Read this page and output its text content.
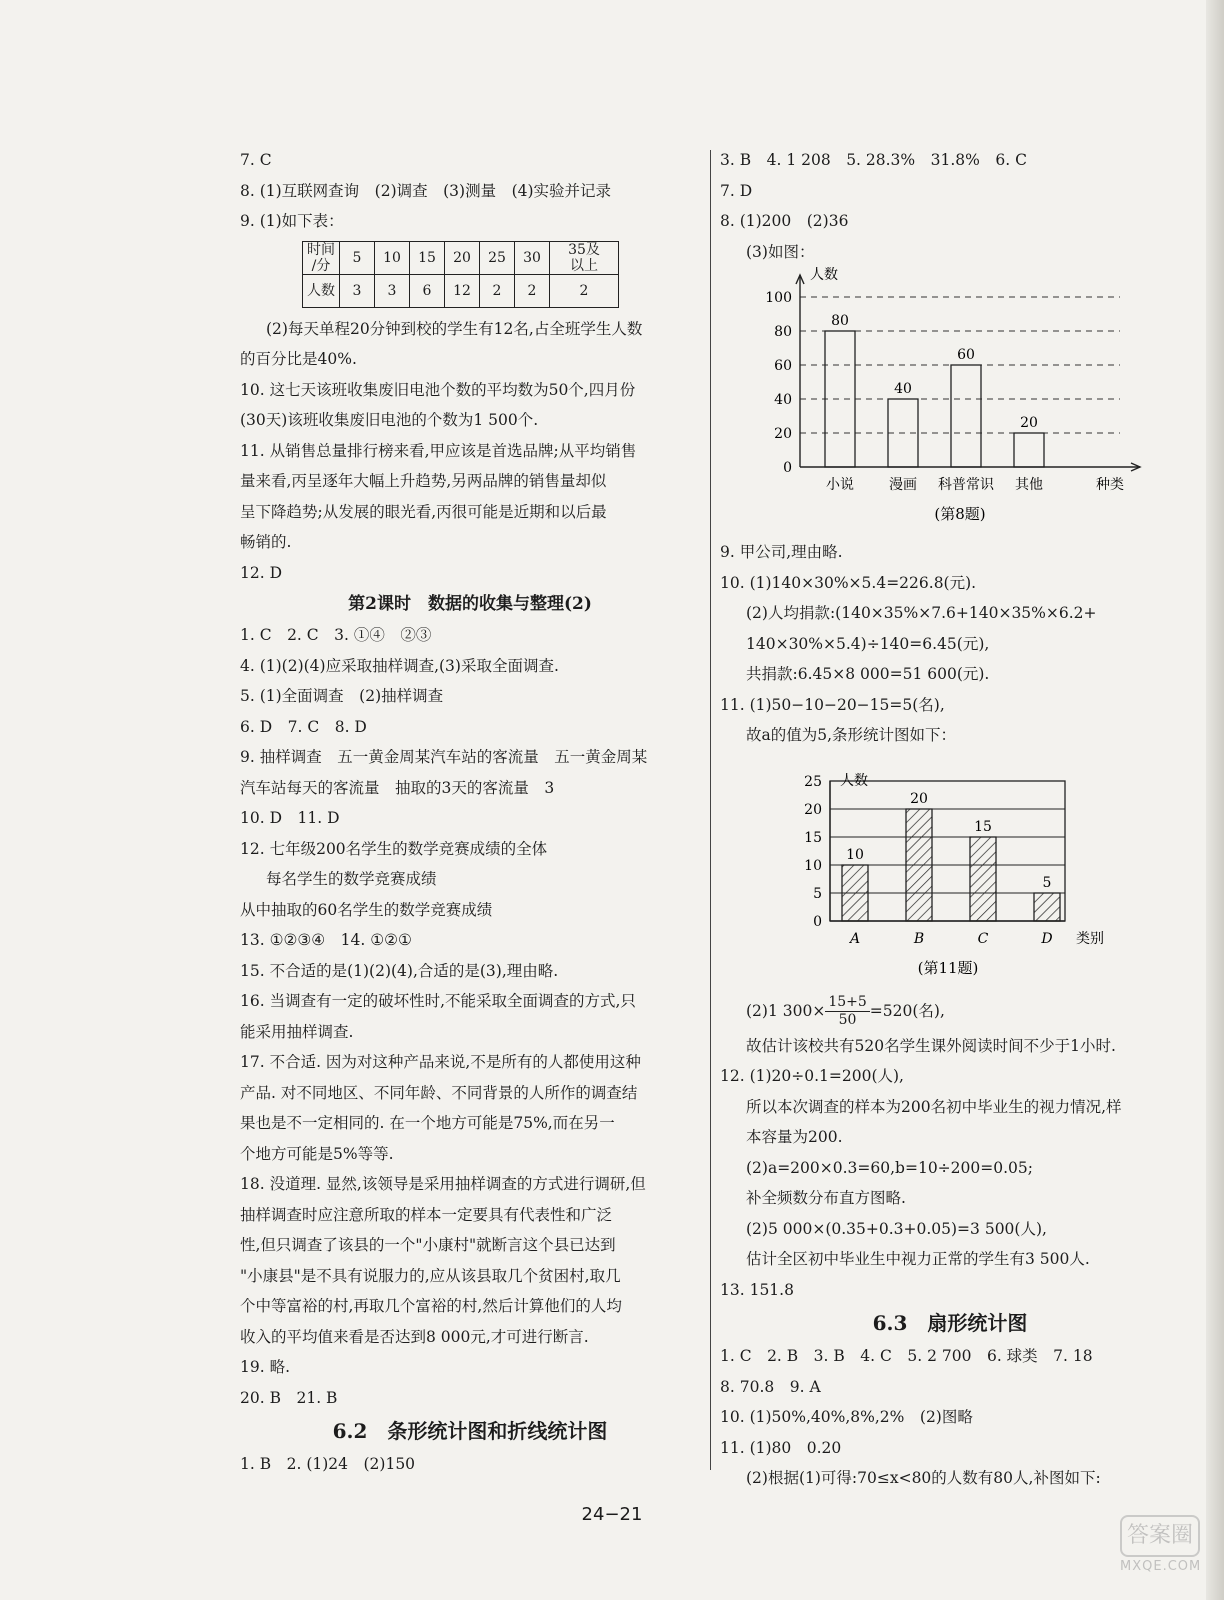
7. C
8. (1)互联网查询　(2)调查　(3)测量　(4)实验并记录
9. (1)如下表：
时间
/分	5	10	15	20	25	30	35及
以上
人数	3	3	6	12	2	2	2
(2)每天单程20分钟到校的学生有12名,占全班学生人数
的百分比是40%.
10. 这七天该班收集废旧电池个数的平均数为50个,四月份
(30天)该班收集废旧电池的个数为1 500个.
11. 从销售总量排行榜来看,甲应该是首选品牌;从平均销售
量来看,丙呈逐年大幅上升趋势,另两品牌的销售量却似
呈下降趋势;从发展的眼光看,丙很可能是近期和以后最
畅销的.
12. D
第2课时　数据的收集与整理(2)
1. C　2. C　3. ①④　②③
4. (1)(2)(4)应采取抽样调查,(3)采取全面调查.
5. (1)全面调查　(2)抽样调查
6. D　7. C　8. D
9. 抽样调查　五一黄金周某汽车站的客流量　五一黄金周某
汽车站每天的客流量　抽取的3天的客流量　3
10. D　11. D
12. 七年级200名学生的数学竞赛成绩的全体
每名学生的数学竞赛成绩
从中抽取的60名学生的数学竞赛成绩
13. ①②③④　14. ①②①
15. 不合适的是(1)(2)(4),合适的是(3),理由略.
16. 当调查有一定的破坏性时,不能采取全面调查的方式,只
能采用抽样调查.
17. 不合适. 因为对这种产品来说,不是所有的人都使用这种
产品. 对不同地区、不同年龄、不同背景的人所作的调查结
果也是不一定相同的. 在一个地方可能是75%,而在另一
个地方可能是5%等等.
18. 没道理. 显然,该领导是采用抽样调查的方式进行调研,但
抽样调查时应注意所取的样本一定要具有代表性和广泛
性,但只调查了该县的一个"小康村"就断言这个县已达到
"小康县"是不具有说服力的,应从该县取几个贫困村,取几
个中等富裕的村,再取几个富裕的村,然后计算他们的人均
收入的平均值来看是否达到8 000元,才可进行断言.
19. 略.
20. B　21. B
6.2　条形统计图和折线统计图
1. B　2. (1)24　(2)150
3. B　4. 1 208　5. 28.3%　31.8%　6. C
7. D
8. (1)200　(2)36
(3)如图：
0
20
40
60
80
100
人数
80
小说
40
漫画
60
科普常识
20
其他	种类
(第8题)
9. 甲公司,理由略.
10. (1)140×30%×5.4=226.8(元).
(2)人均捐款:(140×35%×7.6+140×35%×6.2+
140×30%×5.4)÷140=6.45(元),
共捐款:6.45×8 000=51 600(元).
11. (1)50−10−20−15=5(名),
故a的值为5,条形统计图如下：
0
5
10
15
20
25 人数
10
A
20
B
15
C
5
D 类别
(第11题)
(2)1 $300\times \frac{15+5}{50} =520$(名),
故估计该校共有520名学生课外阅读时间不少于1小时.
12. (1)20÷0.1=200(人),
所以本次调查的样本为200名初中毕业生的视力情况,样
本容量为200.
(2)a=200×0.3=60,b=10÷200=0.05;
补全频数分布直方图略.
(2)5 000×(0.35+0.3+0.05)=3 500(人),
估计全区初中毕业生中视力正常的学生有3 500人.
13. 151.8
6.3　扇形统计图
1. C　2. B　3. B　4. C　5. 2 700　6. 球类　7. 18
8. 70.8　9. A
10. (1)50%,40%,8%,2%　(2)图略
11. (1)80　0.20
(2)根据(1)可得:70≤x<80的人数有80人,补图如下:
24−21
答案圈
MXQE.COM
